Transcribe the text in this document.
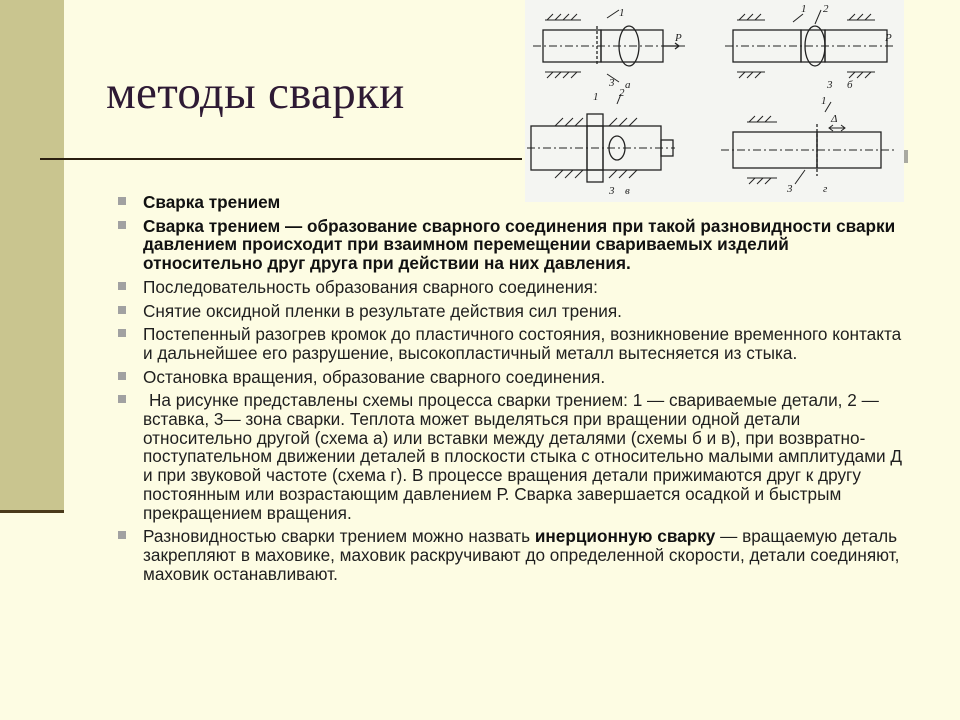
методы сварки
1
P
3 а
1 2
P
3 б
1 2
3 в
Δ
1
3	г
Сварка трением
Сварка трением — образование сварного соединения при такой разновидности сварки давлением происходит при взаимном перемещении свариваемых изделий относительно друг друга при действии на них давления.
Последовательность образования сварного соединения:
Снятие оксидной пленки в результате действия сил трения.
Постепенный разогрев кромок до пластичного состояния, возникновение временного контакта и дальнейшее его разрушение, высокопластичный металл вытесняется из стыка.
Остановка вращения, образование сварного соединения.
На рисунке представлены схемы процесса сварки трением: 1 — свариваемые детали, 2 — вставка, 3— зона сварки. Теплота может выделяться при вращении одной детали относительно другой (схема а) или вставки между деталями (схемы б и в), при возвратно-поступательном движении деталей в плоскости стыка с относительно малыми амплитудами Д и при звуковой частоте (схема г). В процессе вращения детали прижимаются друг к другу постоянным или возрастающим давлением Р. Сварка завершается осадкой и быстрым прекращением вращения.
Разновидностью сварки трением можно назвать инерционную сварку — вращаемую деталь закрепляют в маховике, маховик раскручивают до определенной скорости, детали соединяют, маховик останавливают.
